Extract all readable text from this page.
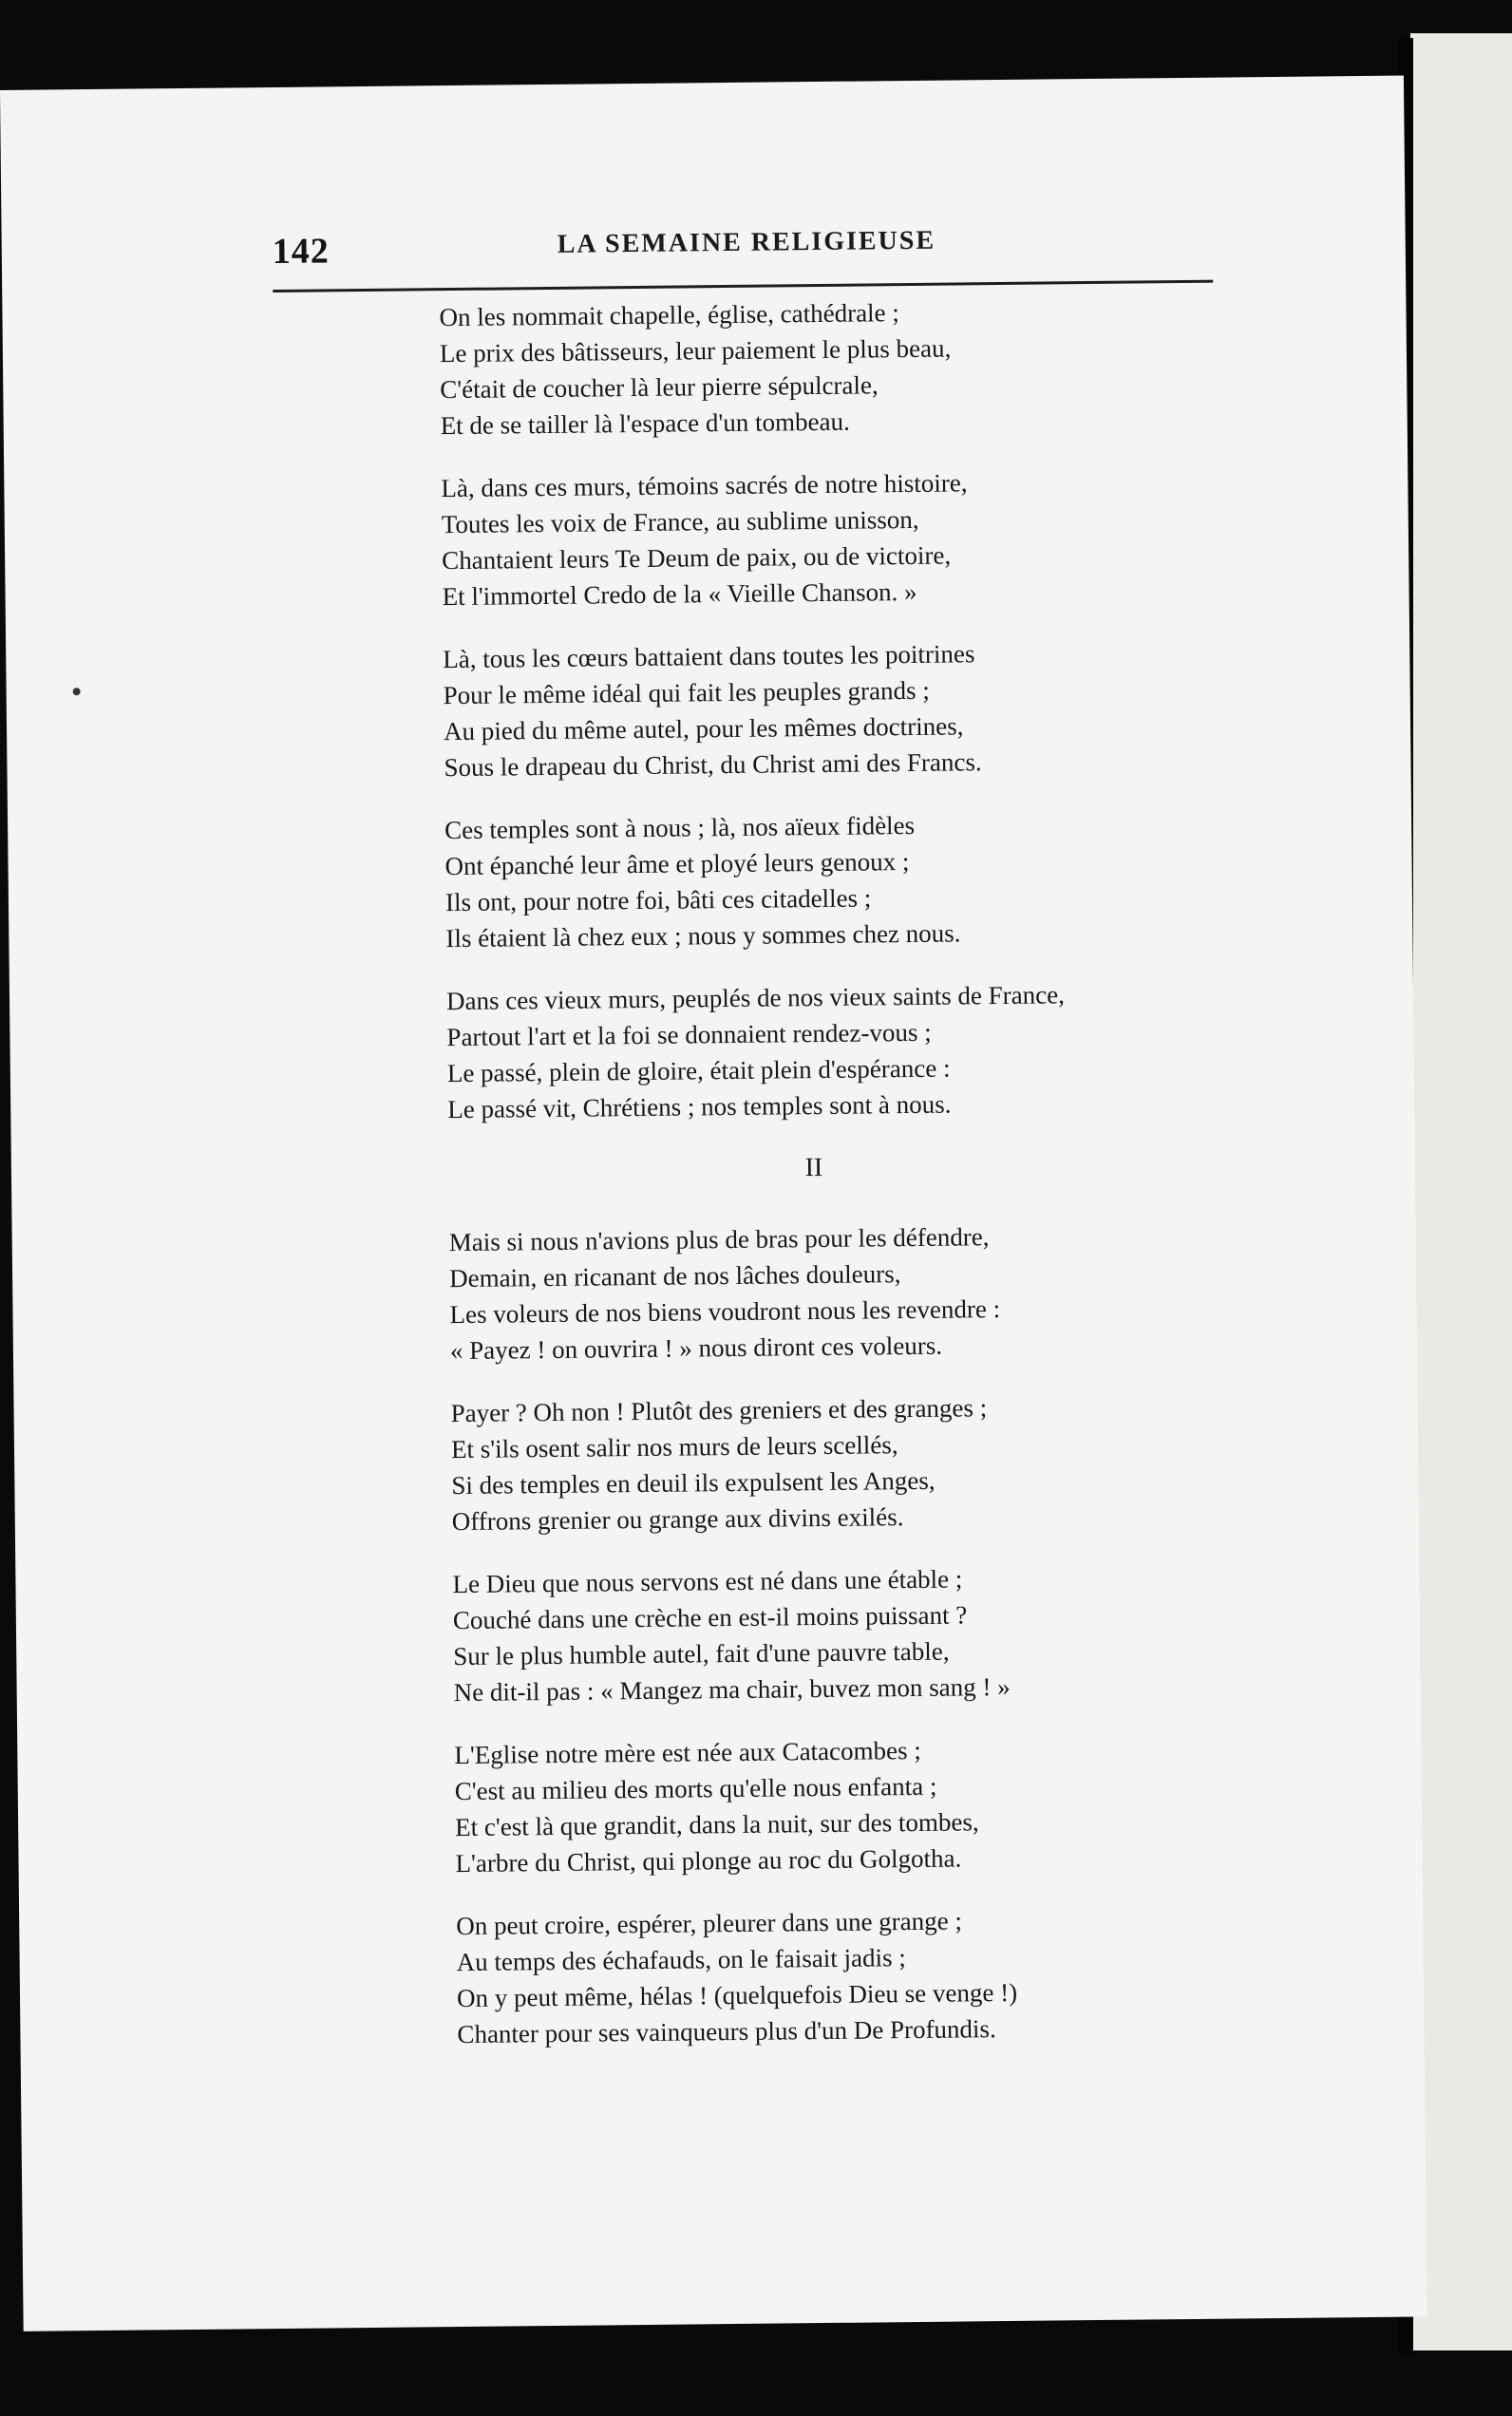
142	LA SEMAINE RELIGIEUSE
On les nommait chapelle, église, cathédrale ;
Le prix des bâtisseurs, leur paiement le plus beau,
C'était de coucher là leur pierre sépulcrale,
Et de se tailler là l'espace d'un tombeau.
Là, dans ces murs, témoins sacrés de notre histoire,
Toutes les voix de France, au sublime unisson,
Chantaient leurs Te Deum de paix, ou de victoire,
Et l'immortel Credo de la « Vieille Chanson. »
Là, tous les cœurs battaient dans toutes les poitrines
Pour le même idéal qui fait les peuples grands ;
Au pied du même autel, pour les mêmes doctrines,
Sous le drapeau du Christ, du Christ ami des Francs.
Ces temples sont à nous ; là, nos aïeux fidèles
Ont épanché leur âme et ployé leurs genoux ;
Ils ont, pour notre foi, bâti ces citadelles ;
Ils étaient là chez eux ; nous y sommes chez nous.
Dans ces vieux murs, peuplés de nos vieux saints de France,
Partout l'art et la foi se donnaient rendez-vous ;
Le passé, plein de gloire, était plein d'espérance :
Le passé vit, Chrétiens ; nos temples sont à nous.
II
Mais si nous n'avions plus de bras pour les défendre,
Demain, en ricanant de nos lâches douleurs,
Les voleurs de nos biens voudront nous les revendre :
« Payez ! on ouvrira ! » nous diront ces voleurs.
Payer ? Oh non ! Plutôt des greniers et des granges ;
Et s'ils osent salir nos murs de leurs scellés,
Si des temples en deuil ils expulsent les Anges,
Offrons grenier ou grange aux divins exilés.
Le Dieu que nous servons est né dans une étable ;
Couché dans une crèche en est-il moins puissant ?
Sur le plus humble autel, fait d'une pauvre table,
Ne dit-il pas : « Mangez ma chair, buvez mon sang ! »
L'Eglise notre mère est née aux Catacombes ;
C'est au milieu des morts qu'elle nous enfanta ;
Et c'est là que grandit, dans la nuit, sur des tombes,
L'arbre du Christ, qui plonge au roc du Golgotha.
On peut croire, espérer, pleurer dans une grange ;
Au temps des échafauds, on le faisait jadis ;
On y peut même, hélas ! (quelquefois Dieu se venge !)
Chanter pour ses vainqueurs plus d'un De Profundis.
